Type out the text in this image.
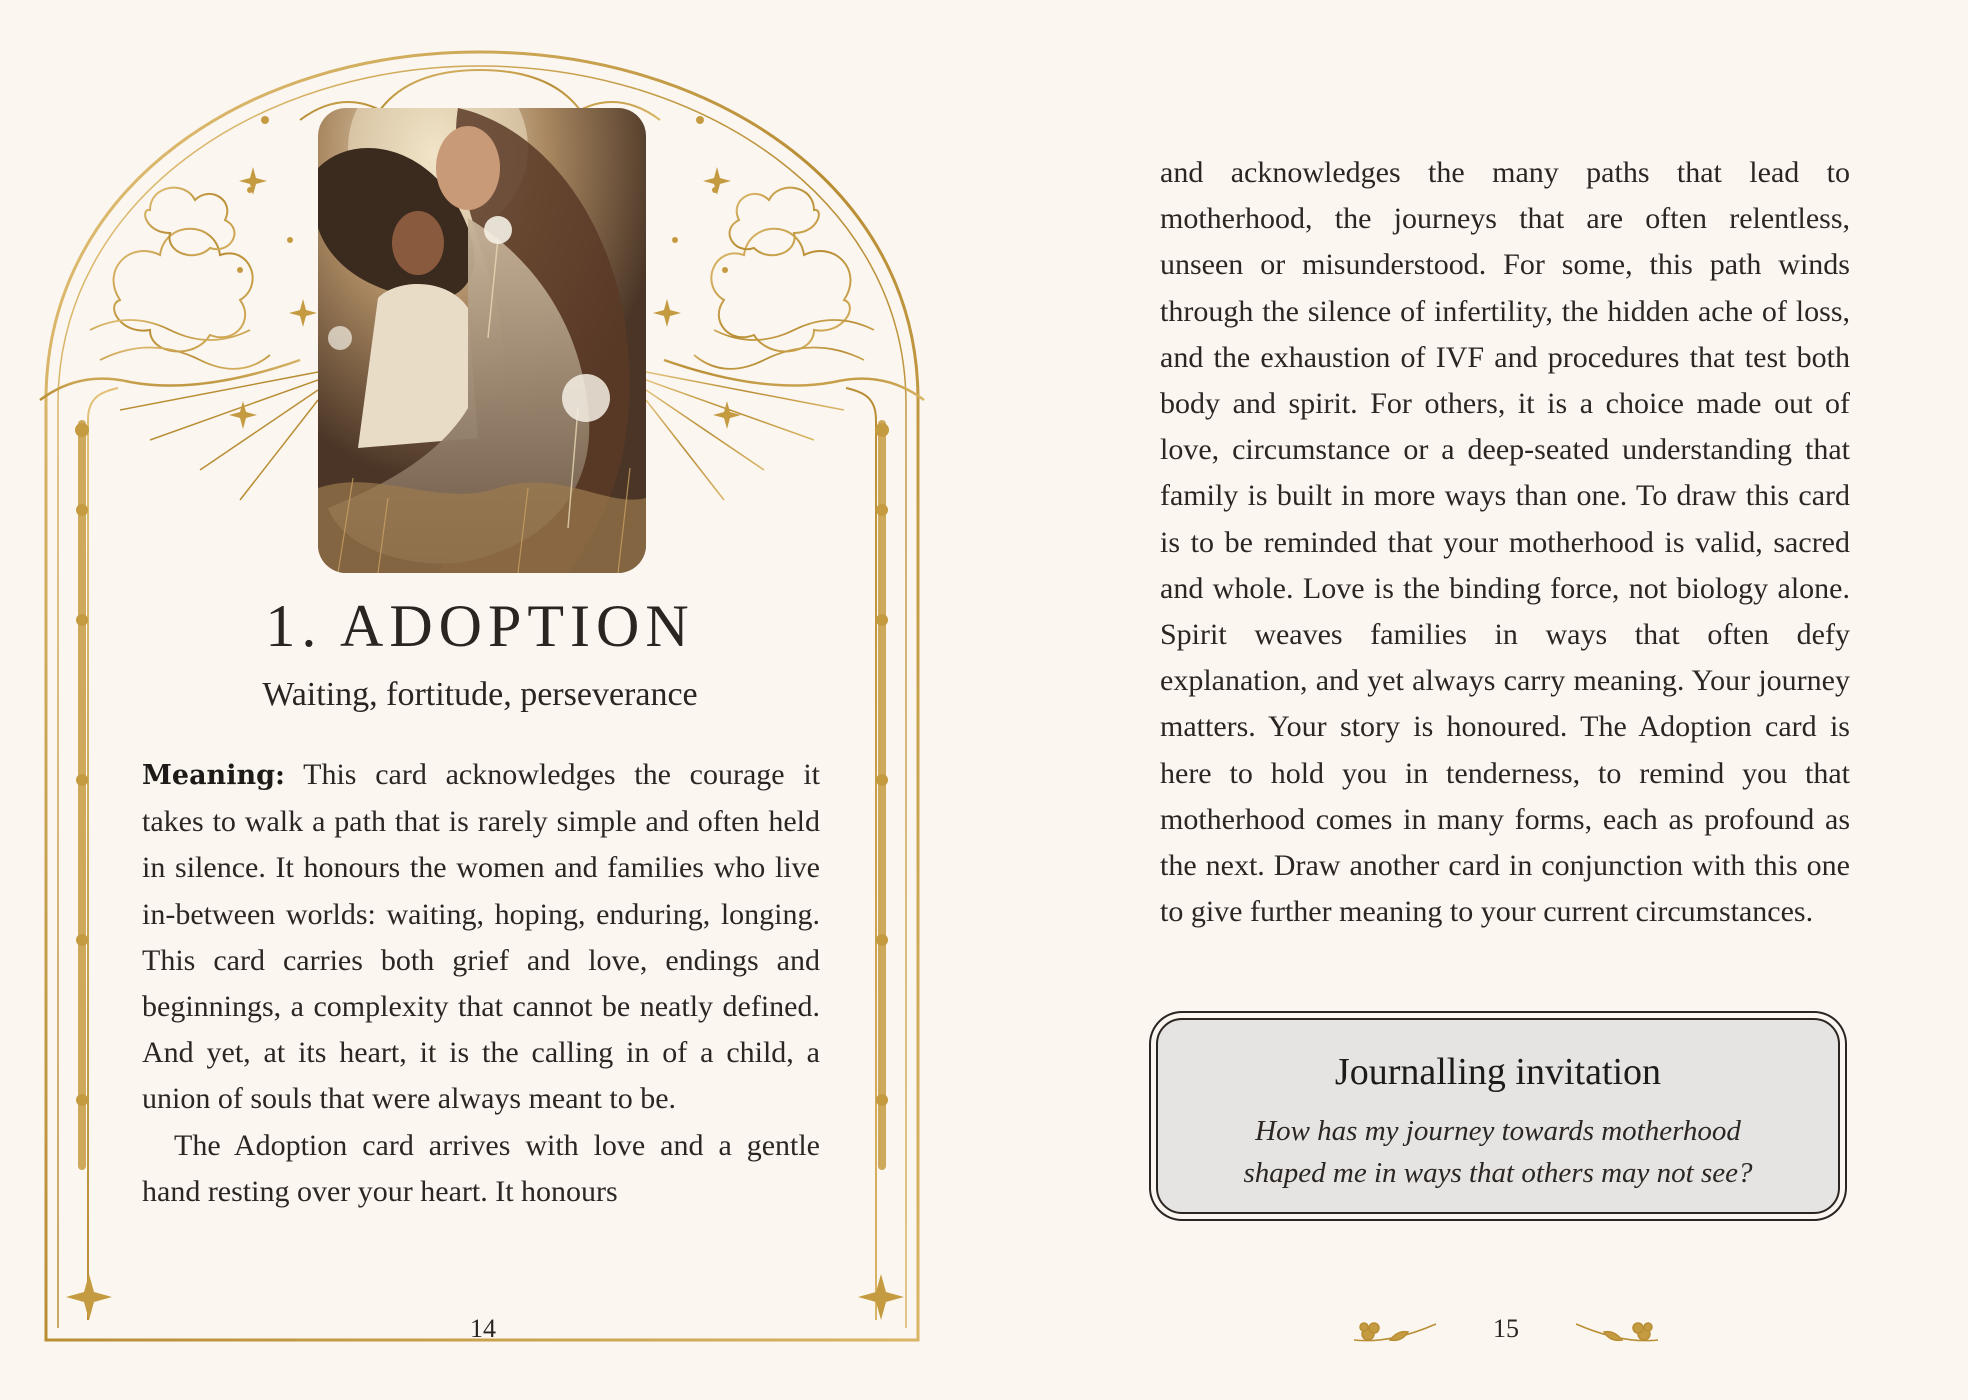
1. ADOPTION
Waiting, fortitude, perseverance

Meaning: This card acknowledges the courage it takes to walk a path that is rarely simple and often held in silence. It honours the women and families who live in-between worlds: waiting, hoping, enduring, longing. This card carries both grief and love, endings and beginnings, a complexity that cannot be neatly defined. And yet, at its heart, it is the calling in of a child, a union of souls that were always meant to be.

The Adoption card arrives with love and a gentle hand resting over your heart. It honours

14

and acknowledges the many paths that lead to motherhood, the journeys that are often relentless, unseen or misunderstood. For some, this path winds through the silence of infertility, the hidden ache of loss, and the exhaustion of IVF and procedures that test both body and spirit. For others, it is a choice made out of love, circumstance or a deep-seated understanding that family is built in more ways than one. To draw this card is to be reminded that your motherhood is valid, sacred and whole. Love is the binding force, not biology alone. Spirit weaves families in ways that often defy explanation, and yet always carry meaning. Your journey matters. Your story is honoured. The Adoption card is here to hold you in tenderness, to remind you that motherhood comes in many forms, each as profound as the next. Draw another card in conjunction with this one to give further meaning to your current circumstances.

Journalling invitation
How has my journey towards motherhood
shaped me in ways that others may not see?
15
